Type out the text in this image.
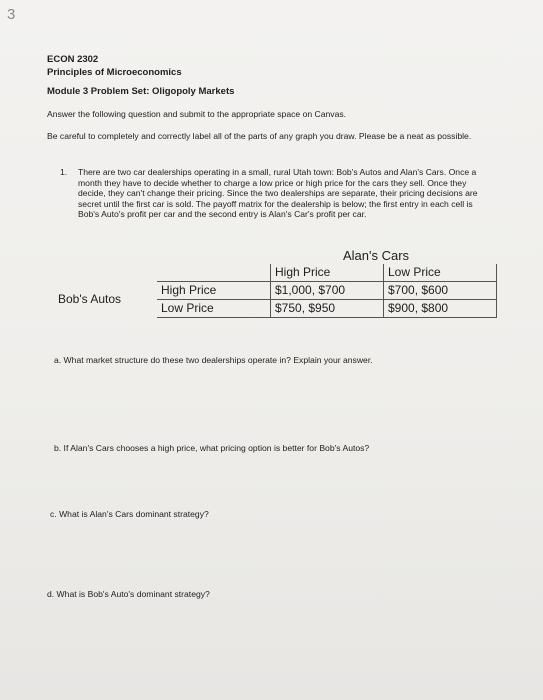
3
ECON 2302
Principles of Microeconomics
Module 3 Problem Set: Oligopoly Markets
Answer the following question and submit to the appropriate space on Canvas.
Be careful to completely and correctly label all of the parts of any graph you draw. Please be a neat as possible.
1. There are two car dealerships operating in a small, rural Utah town: Bob's Autos and Alan's Cars. Once a month they have to decide whether to charge a low price or high price for the cars they sell. Once they decide, they can't change their pricing. Since the two dealerships are separate, their pricing decisions are secret until the first car is sold. The payoff matrix for the dealership is below; the first entry in each cell is Bob's Auto's profit per car and the second entry is Alan's Car's profit per car.
Alan's Cars
Bob's Autos
	High Price	Low Price
High Price	$1,000, $700	$700, $600
Low Price	$750, $950	$900, $800
a. What market structure do these two dealerships operate in? Explain your answer.
b. If Alan's Cars chooses a high price, what pricing option is better for Bob's Autos?
c. What is Alan's Cars dominant strategy?
d. What is Bob's Auto's dominant strategy?
